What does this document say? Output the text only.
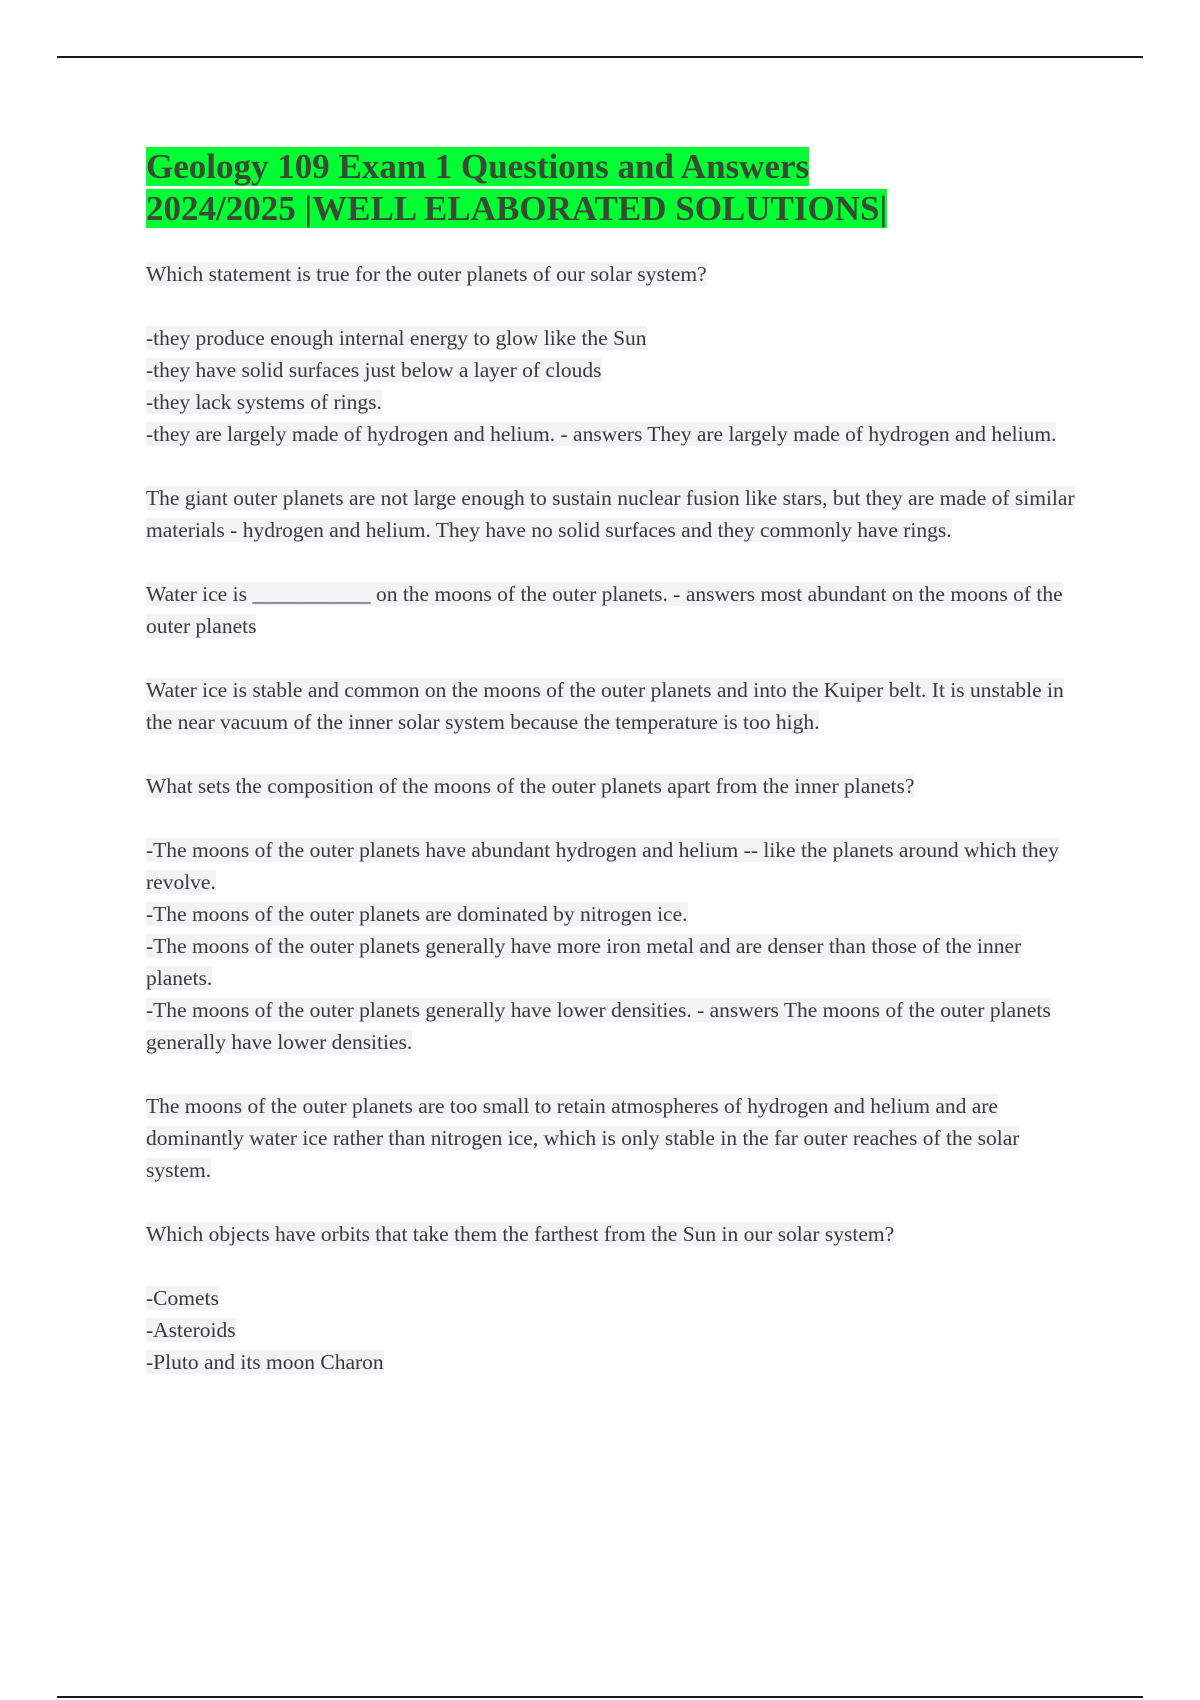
Geology 109 Exam 1 Questions and Answers
2024/2025 |WELL ELABORATED SOLUTIONS|

Which statement is true for the outer planets of our solar system?

-they produce enough internal energy to glow like the Sun
-they have solid surfaces just below a layer of clouds
-they lack systems of rings.
-they are largely made of hydrogen and helium. - answers They are largely made of hydrogen and helium.

The giant outer planets are not large enough to sustain nuclear fusion like stars, but they are made of similar materials - hydrogen and helium. They have no solid surfaces and they commonly have rings.

Water ice is ___________ on the moons of the outer planets. - answers most abundant on the moons of the outer planets

Water ice is stable and common on the moons of the outer planets and into the Kuiper belt. It is unstable in the near vacuum of the inner solar system because the temperature is too high.

What sets the composition of the moons of the outer planets apart from the inner planets?

-The moons of the outer planets have abundant hydrogen and helium -- like the planets around which they revolve.
-The moons of the outer planets are dominated by nitrogen ice.
-The moons of the outer planets generally have more iron metal and are denser than those of the inner planets.
-The moons of the outer planets generally have lower densities. - answers The moons of the outer planets generally have lower densities.

The moons of the outer planets are too small to retain atmospheres of hydrogen and helium and are dominantly water ice rather than nitrogen ice, which is only stable in the far outer reaches of the solar system.

Which objects have orbits that take them the farthest from the Sun in our solar system?

-Comets
-Asteroids
-Pluto and its moon Charon
